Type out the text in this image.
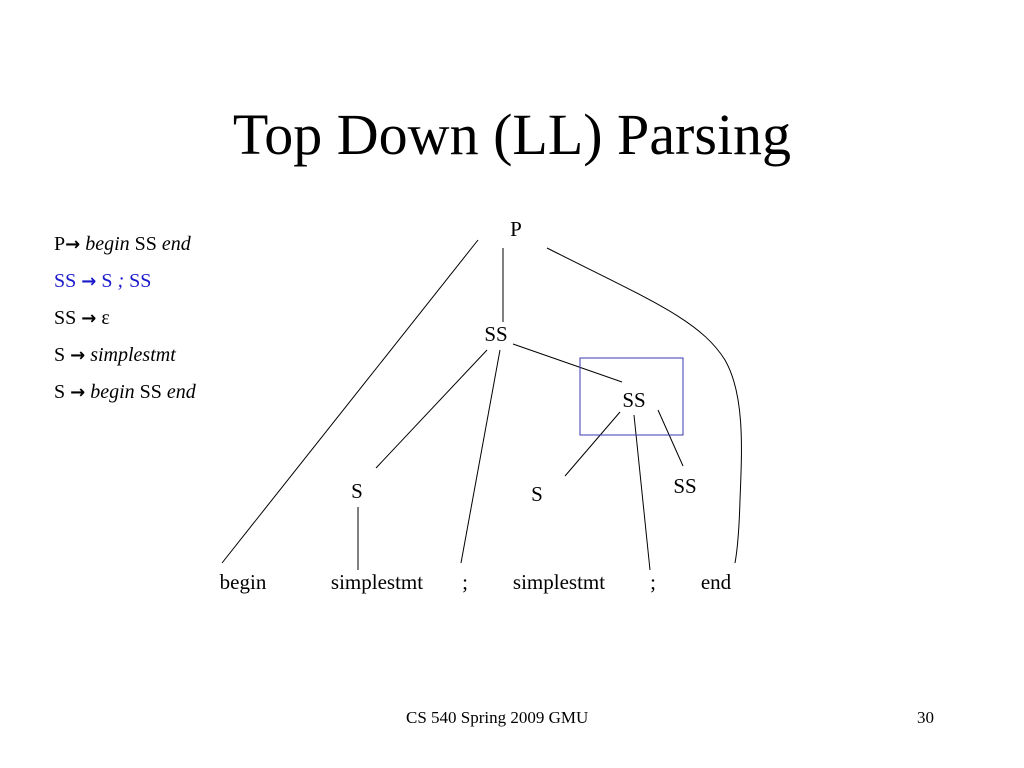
Top Down (LL) Parsing
P→ begin SS end
SS → S ; SS
SS → ε
S → simplestmt
S → begin SS end
P
SS
SS
S	S	SS
begin	simplestmt ; simplestmt ; end
CS 540 Spring 2009 GMU	30
